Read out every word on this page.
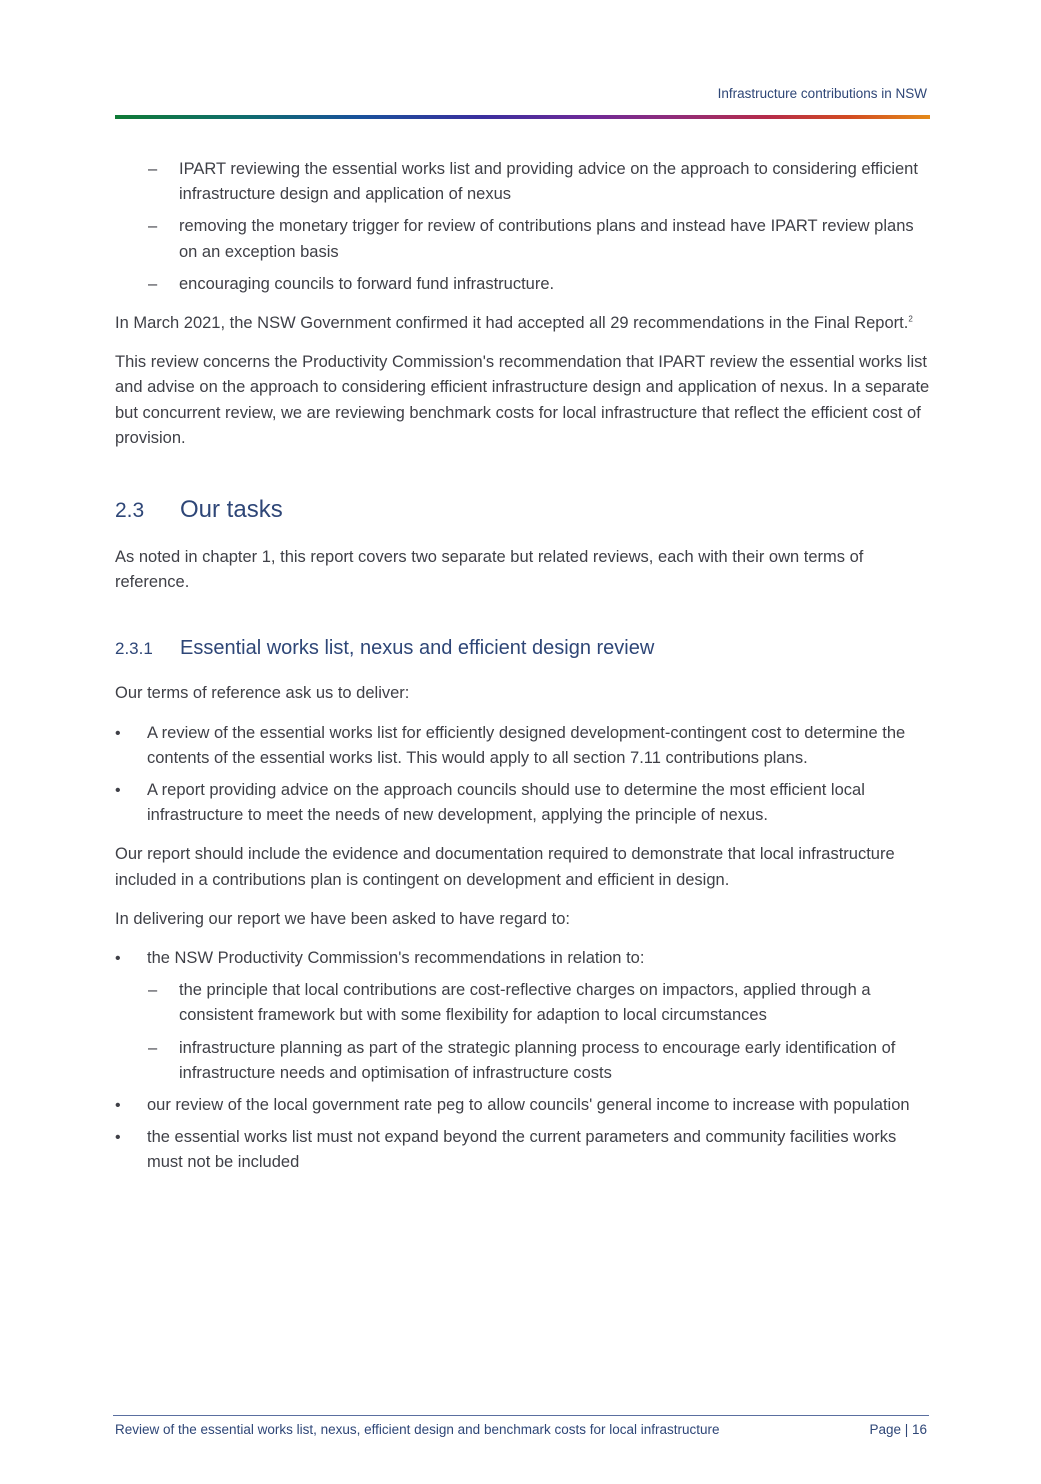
Infrastructure contributions in NSW
– IPART reviewing the essential works list and providing advice on the approach to considering efficient infrastructure design and application of nexus
– removing the monetary trigger for review of contributions plans and instead have IPART review plans on an exception basis
– encouraging councils to forward fund infrastructure.

In March 2021, the NSW Government confirmed it had accepted all 29 recommendations in the Final Report.$^2$

This review concerns the Productivity Commission's recommendation that IPART review the essential works list and advise on the approach to considering efficient infrastructure design and application of nexus. In a separate but concurrent review, we are reviewing benchmark costs for local infrastructure that reflect the efficient cost of provision.

2.3 Our tasks

As noted in chapter 1, this report covers two separate but related reviews, each with their own terms of reference.

2.3.1 Essential works list, nexus and efficient design review

Our terms of reference ask us to deliver:

• A review of the essential works list for efficiently designed development-contingent cost to determine the contents of the essential works list. This would apply to all section 7.11 contributions plans.
• A report providing advice on the approach councils should use to determine the most efficient local infrastructure to meet the needs of new development, applying the principle of nexus.

Our report should include the evidence and documentation required to demonstrate that local infrastructure included in a contributions plan is contingent on development and efficient in design.

In delivering our report we have been asked to have regard to:

• the NSW Productivity Commission's recommendations in relation to:
– the principle that local contributions are cost-reflective charges on impactors, applied through a consistent framework but with some flexibility for adaption to local circumstances
– infrastructure planning as part of the strategic planning process to encourage early identification of infrastructure needs and optimisation of infrastructure costs
• our review of the local government rate peg to allow councils' general income to increase with population
• the essential works list must not expand beyond the current parameters and community facilities works must not be included
Review of the essential works list, nexus, efficient design and benchmark costs for local infrastructure	Page | 16
